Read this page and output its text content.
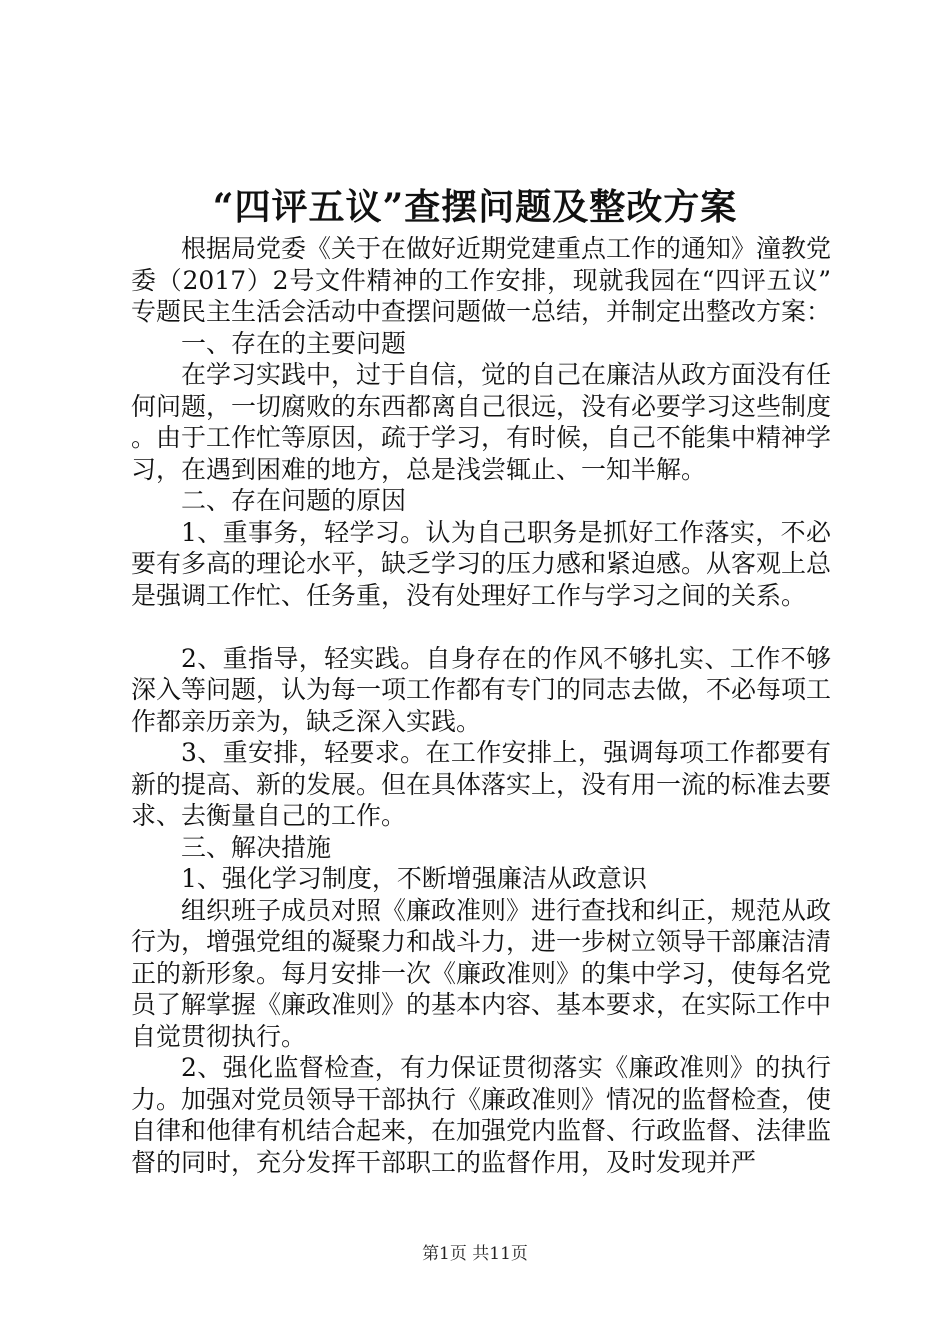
“四评五议”查摆问题及整改方案

根据局党委《关于在做好近期党建重点工作的通知》潼教党委（2017）2号文件精神的工作安排，现就我园在“四评五议”专题民主生活会活动中查摆问题做一总结，并制定出整改方案：

一、存在的主要问题

在学习实践中，过于自信，觉的自己在廉洁从政方面没有任何问题，一切腐败的东西都离自己很远，没有必要学习这些制度。由于工作忙等原因，疏于学习，有时候，自己不能集中精神学习，在遇到困难的地方，总是浅尝辄止、一知半解。

二、存在问题的原因

1、重事务，轻学习。认为自己职务是抓好工作落实，不必要有多高的理论水平，缺乏学习的压力感和紧迫感。从客观上总是强调工作忙、任务重，没有处理好工作与学习之间的关系。

2、重指导，轻实践。自身存在的作风不够扎实、工作不够深入等问题，认为每一项工作都有专门的同志去做，不必每项工作都亲历亲为，缺乏深入实践。

3、重安排，轻要求。在工作安排上，强调每项工作都要有新的提高、新的发展。但在具体落实上，没有用一流的标准去要求、去衡量自己的工作。

三、解决措施

1、强化学习制度，不断增强廉洁从政意识

组织班子成员对照《廉政准则》进行查找和纠正，规范从政行为，增强党组的凝聚力和战斗力，进一步树立领导干部廉洁清正的新形象。每月安排一次《廉政准则》的集中学习，使每名党员了解掌握《廉政准则》的基本内容、基本要求，在实际工作中自觉贯彻执行。

2、强化监督检查，有力保证贯彻落实《廉政准则》的执行力。加强对党员领导干部执行《廉政准则》情况的监督检查，使自律和他律有机结合起来，在加强党内监督、行政监督、法律监督的同时，充分发挥干部职工的监督作用，及时发现并严

第1页 共11页
